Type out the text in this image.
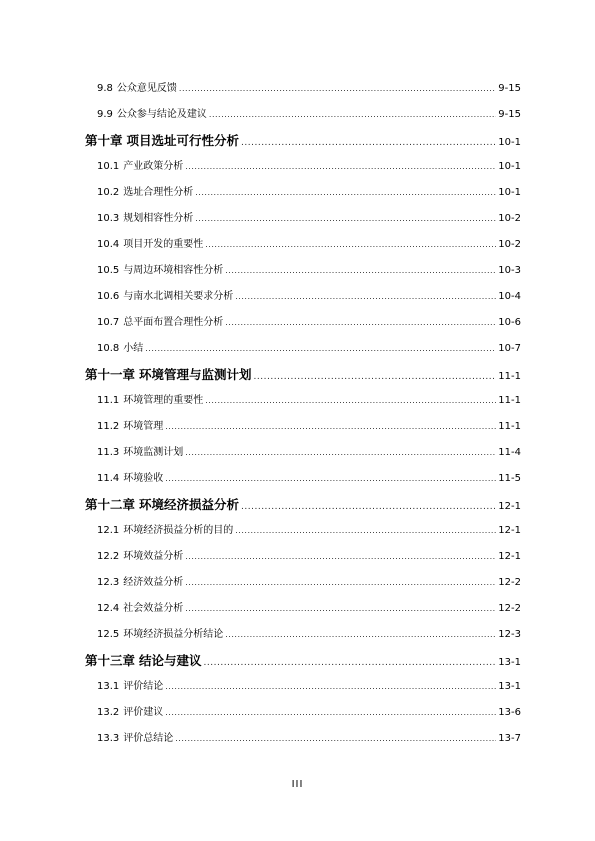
9.8 公众意见反馈 .....	9-15
9.9 公众参与结论及建议 .....	9-15
第十章 项目选址可行性分析 .....	10-1
10.1 产业政策分析 .....	10-1
10.2 选址合理性分析 .....	10-1
10.3 规划相容性分析 .....	10-2
10.4 项目开发的重要性 .....	10-2
10.5 与周边环境相容性分析 .....	10-3
10.6 与南水北调相关要求分析 .....	10-4
10.7 总平面布置合理性分析 .....	10-6
10.8 小结 .....	10-7
第十一章 环境管理与监测计划 .....	11-1
11.1 环境管理的重要性 .....	11-1
11.2 环境管理 .....	11-1
11.3 环境监测计划 .....	11-4
11.4 环境验收 .....	11-5
第十二章 环境经济损益分析 .....	12-1
12.1 环境经济损益分析的目的 .....	12-1
12.2 环境效益分析 .....	12-1
12.3 经济效益分析 .....	12-2
12.4 社会效益分析 .....	12-2
12.5 环境经济损益分析结论 .....	12-3
第十三章 结论与建议 .....	13-1
13.1 评价结论 .....	13-1
13.2 评价建议 .....	13-6
13.3 评价总结论 .....	13-7
III
